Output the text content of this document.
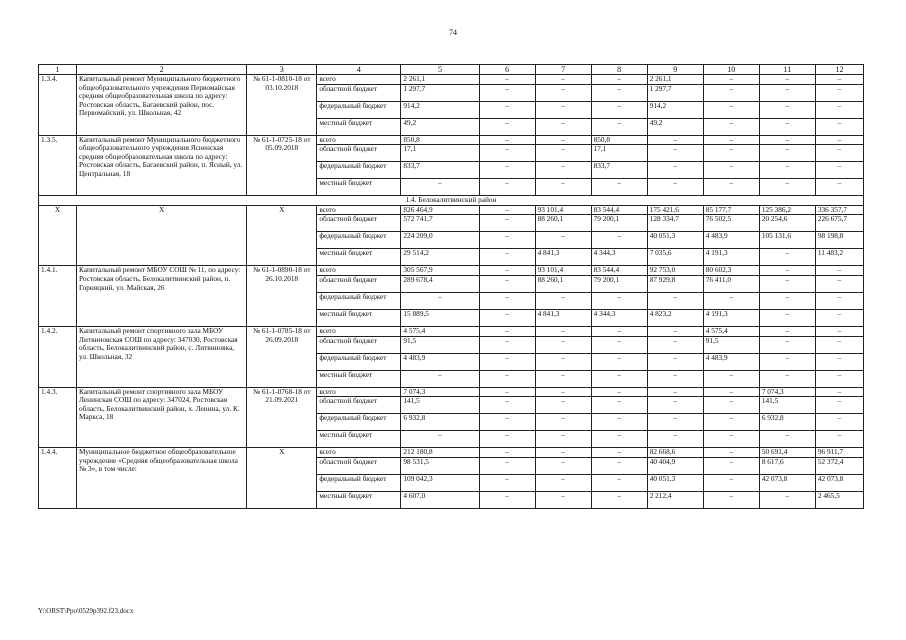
74
1	2	3	4	5	6	7	8	9	10	11	12
1.3.4.	Капитальный ремонт Муниципального бюджетного общеобразовательного учреждения Первомайская средняя общеобразовательная школа по адресу: Ростовская область, Багаевский район, пос. Первомайский, ул. Школьная, 42	№ 61-1-0810-18 от 03.10.2018	всего	2 261,1	–	–	–	2 261,1	–	–	–
			областной бюджет	1 297,7	–	–	–	1 297,7	–	–	–
			федеральный бюджет	914,2	–	–	–	914,2	–	–	–
			местный бюджет	49,2	–	–	–	49,2	–	–	–
1.3.5.	Капитальный ремонт Муниципального бюджетного общеобразовательного учреждения Ясненская средняя общеобразовательная школа по адресу: Ростовская область, Багаевский район, п. Ясный, ул. Центральная, 18	№ 61-1-0725-18 от 05.09.2018	всего	850,8	–	–	850,8	–	–	–	–
			областной бюджет	17,1	–	–	17,1	–	–	–	–
			федеральный бюджет	833,7	–	–	833,7	–	–	–	–
			местный бюджет	–	–	–	–	–	–	–	–
1.4. Белокалитвинский район											
Х	Х	Х	всего	826 464,9	–	93 101,4	83 544,4	175 421,6	85 177,7	125 386,2	336 357,7
			областной бюджет	572 741,7	–	88 260,1	79 200,1	128 334,7	76 502,5	20 254,6	226 675,7
			федеральный бюджет	224 209,0	–	–	–	40 051,3	4 483,9	105 131,6	98 198,8
			местный бюджет	29 514,2	–	4 841,3	4 344,3	7 035,6	4 191,3	–	11 483,2
1.4.1.	Капитальный ремонт МБОУ СОШ № 11, по адресу: Ростовская область, Белокалитвинский район, п. Горняцкий, ул. Майская, 26	№ 61-1-0890-18 от 26.10.2018	всего	305 567,9	–	93 101,4	83 544,4	92 753,0	80 602,3	–	–
			областной бюджет	289 678,4	–	88 260,1	79 200,1	87 929,8	76 411,0	–	–
			федеральный бюджет	–	–	–	–	–	–	–	–
			местный бюджет	15 889,5	–	4 841,3	4 344,3	4 823,2	4 191,3	–	–
1.4.2.	Капитальный ремонт спортивного зала МБОУ Литвиновская СОШ по адресу: 347030, Ростовская область, Белокалитвинский район, с. Литвиновка, ул. Школьная, 32	№ 61-1-0785-18 от 26.09.2018	всего	4 575,4	–	–	–	–	4 575,4	–	–
			областной бюджет	91,5	–	–	–	–	91,5	–	–
			федеральный бюджет	4 483,9	–	–	–	–	4 483,9	–	–
			местный бюджет	–	–	–	–	–	–	–	–
1.4.3.	Капитальный ремонт спортивного зала МБОУ Ленинская СОШ по адресу: 347024, Ростовская область, Белокалитвинский район, х. Ленина, ул. К. Маркса, 18	№ 61-1-0768-18 от 21.09.2021	всего	7 074,3	–	–	–	–	–	7 074,3	–
			областной бюджет	141,5	–	–	–	–	–	141,5	–
			федеральный бюджет	6 932,8	–	–	–	–	–	6 932,8	–
			местный бюджет	–	–	–	–	–	–	–	–
1.4.4.	Муниципальное бюджетное общеобразовательное учреждение «Средняя общеобразовательная школа № 3», в том числе:	Х	всего	212 180,8	–	–	–	82 668,6	–	50 691,4	96 911,7
			областной бюджет	98 531,5	–	–	–	40 404,9	–	8 617,6	52 372,4
			федеральный бюджет	109 042,3	–	–	–	40 051,3	–	42 073,8	42 073,8
			местный бюджет	4 607,0	–	–	–	2 212,4	–	–	2 465,5
Y:\ORST\Ppo\0529p392.f23.docx
